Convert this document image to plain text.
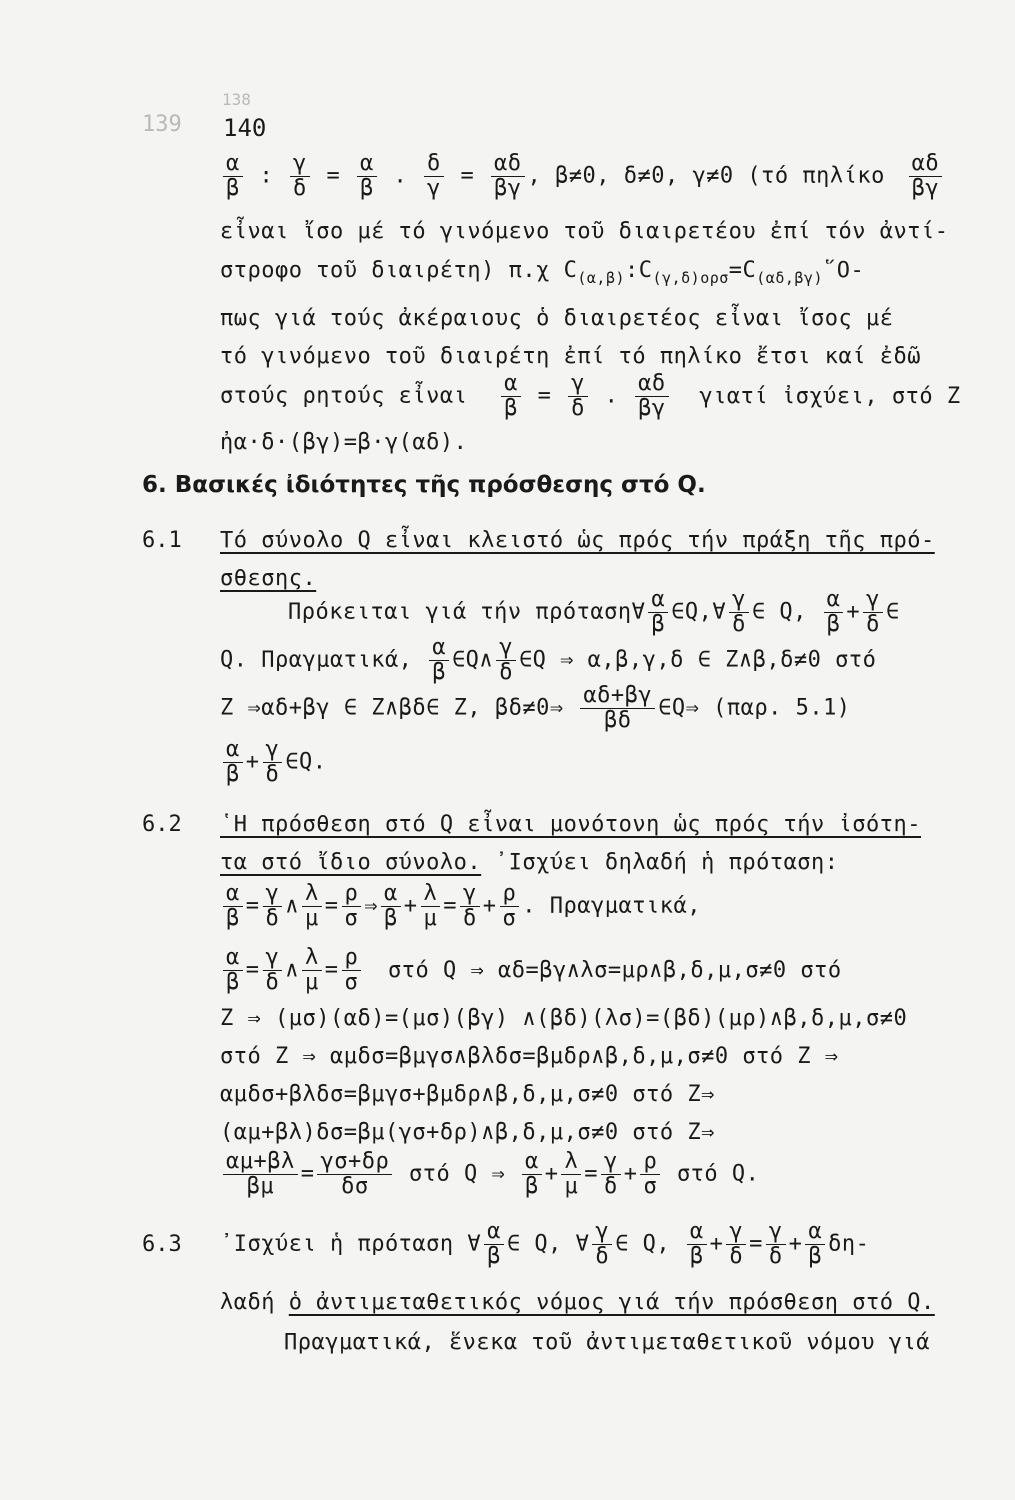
139
138
140
$\frac{\alpha}{\beta}$ : $\frac{\gamma}{\delta} = \frac{\alpha}{\beta}$ . $\frac{\delta}{\gamma} = \frac{\alpha\delta}{\beta\gamma}$ , β≠0, δ≠0, γ≠0 (τό πηλίκο $\frac{\alpha\delta}{\beta\gamma}$
εἶναι ἴσο μέ τό γινόμενο τοῦ διαιρετέου ἐπί τόν ἀντί-
στροφο τοῦ διαιρέτη) π.χ $C_{(\alpha,\beta)}:C_{(\gamma,\delta)o\rho\sigma}=C_{(\alpha\delta,\beta\gamma)}῞O-$
πως γιά τούς ἀκέραιους ὁ διαιρετέος εἶναι ἴσος μέ
τό γινόμενο τοῦ διαιρέτη ἐπί τό πηλίκο ἔτσι καί ἐδῶ
στούς ρητούς εἶναι $\frac{\alpha}{\beta} = \frac{\gamma}{\delta}$ . $\frac{\alpha\delta}{\beta\gamma}$ γιατί ἰσχύει, στό Z
ἠα·δ·(βγ)=β·γ(αδ).
6. Βασικές ἰδιότητες τῆς πρόσθεσης στό Q.
6.1 Τό σύνολο Q εἶναι κλειστό ὡς πρός τήν πράξη τῆς πρό-
σθεσης.
Πρόκειται γιά τήν πρόταση∀ $\frac{\alpha}{\beta}$ ∈Q,∀ $\frac{\gamma}{\delta}$ ∈ Q, $\frac{\alpha}{\beta} + \frac{\gamma}{\delta}$ ∈
Q. Πραγματικά, $\frac{\alpha}{\beta}$ ∈Q∧ $\frac{\gamma}{\delta}$ ∈Q ⇒ α,β,γ,δ ∈ Z∧β,δ≠0 στό
Z ⇒αδ+βγ ∈ Z∧βδ∈ Z, βδ≠0⇒ $\frac{\alpha\delta+\beta\gamma}{\beta\delta}$ ∈Q⇒ (παρ. 5.1)
$\frac{\alpha}{\beta} + \frac{\gamma}{\delta}$ ∈Q.
6.2 ῾Η πρόσθεση στό Q εἶναι μονότονη ὡς πρός τήν ἰσότη-
τα στό ἴδιο σύνολο. ᾿Ισχύει δηλαδή ἡ πρόταση:
$\frac{\alpha}{\beta} = \frac{\gamma}{\delta}$ ∧ $\frac{\lambda}{\mu} = \frac{\rho}{\sigma}$ ⇒ $\frac{\alpha}{\beta} + \frac{\lambda}{\mu} = \frac{\gamma}{\delta} + \frac{\rho}{\sigma}$ . Πραγματικά,
$\frac{\alpha}{\beta} = \frac{\gamma}{\delta}$ ∧ $\frac{\lambda}{\mu} = \frac{\rho}{\sigma}$ στό Q ⇒ αδ=βγ∧λσ=μρ∧β,δ,μ,σ≠0 στό
Z ⇒ (μσ)(αδ)=(μσ)(βγ) ∧(βδ)(λσ)=(βδ)(μρ)∧β,δ,μ,σ≠0
στό Z ⇒ αμδσ=βμγσ∧βλδσ=βμδρ∧β,δ,μ,σ≠0 στό Z ⇒
αμδσ+βλδσ=βμγσ+βμδρ∧β,δ,μ,σ≠0 στό Z⇒
(αμ+βλ)δσ=βμ(γσ+δρ)∧β,δ,μ,σ≠0 στό Z⇒
$\frac{\alpha\mu+\beta\lambda}{\beta\mu} = \frac{\gamma\sigma+\delta\rho}{\delta\sigma}$ στό Q ⇒ $\frac{\alpha}{\beta} + \frac{\lambda}{\mu} = \frac{\gamma}{\delta} + \frac{\rho}{\sigma}$ στό Q.
6.3 ᾿Ισχύει ἡ πρόταση ∀ $\frac{\alpha}{\beta}$ ∈ Q, ∀ $\frac{\gamma}{\delta}$ ∈ Q, $\frac{\alpha}{\beta} + \frac{\gamma}{\delta} = \frac{\gamma}{\delta} + \frac{\alpha}{\beta} \delta\eta-$
λαδή ὁ ἀντιμεταθετικός νόμος γιά τήν πρόσθεση στό Q.
Πραγματικά, ἕνεκα τοῦ ἀντιμεταθετικοῦ νόμου γιά
